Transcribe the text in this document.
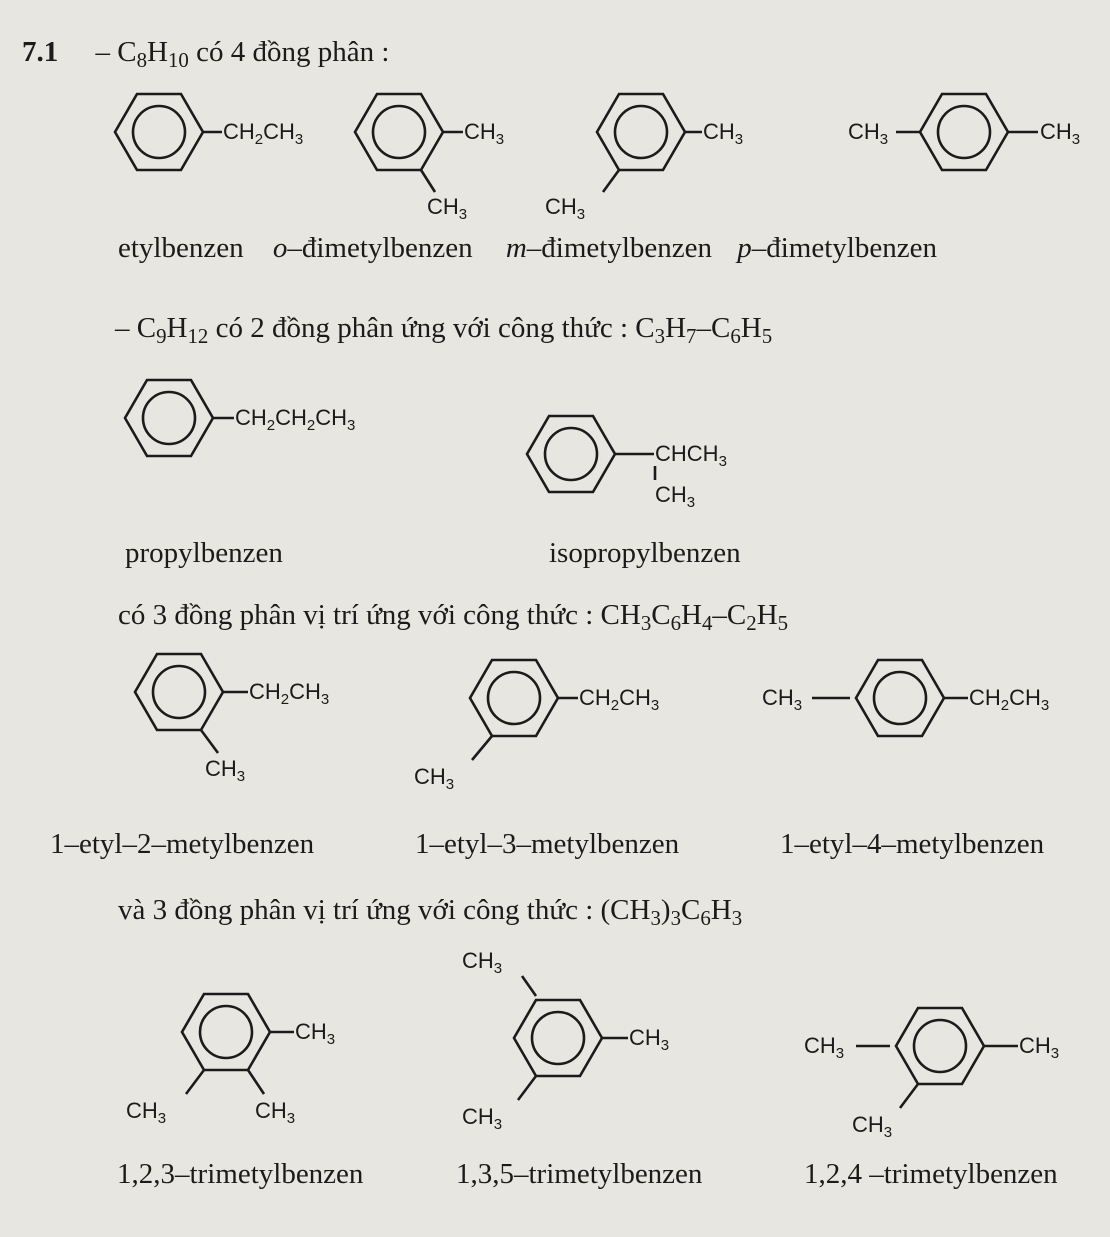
$7.1 - C_8H_{10}$ có 4 đồng phân :
$CH_2CH_3$	$CH_3$
$CH_3$
$CH_3$
$CH_3$
$CH_3$	$CH_3$
etylbenzen o–đimetylbenzen m–đimetylbenzen p–đimetylbenzen
– $C_9H_{12}$ có 2 đồng phân ứng với công thức : $C_3H_7-C_6H_5$
$CH_2CH_2CH_3$
$CHCH_3$
$CH_3$
propylbenzen	isopropylbenzen
có 3 đồng phân vị trí ứng với công thức : $CH_3C_6H_4-C_2H_5$
$CH_2CH_3$
$CH_3$
$CH_2CH_3$
$CH_3$
$CH_3$	$CH_2CH_3$
1–etyl–2–metylbenzen	1–etyl–3–metylbenzen	1–etyl–4–metylbenzen
và 3 đồng phân vị trí ứng với công thức : $(CH_3)_3C_6H_3$
$CH_3$
$CH_3$
$CH_3$
$CH_3$
$CH_3$
$CH_3$
$CH_3$	$CH_3$
$CH_3$
1,2,3–trimetylbenzen	1,3,5–trimetylbenzen	1,2,4 –trimetylbenzen
